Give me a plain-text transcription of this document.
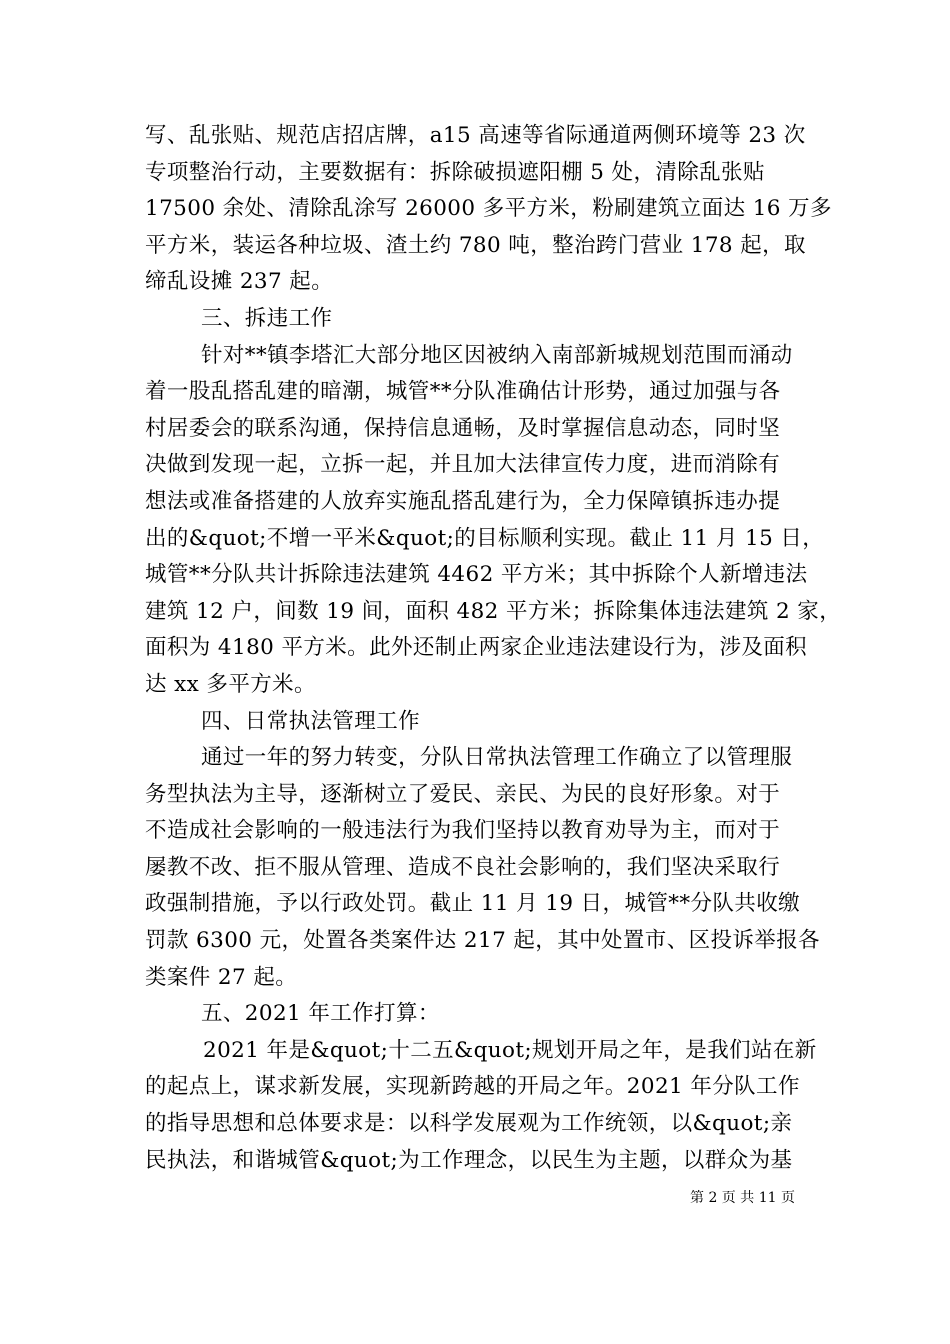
写、乱张贴、规范店招店牌，a15 高速等省际通道两侧环境等 23 次
专项整治行动，主要数据有：拆除破损遮阳棚 5 处，清除乱张贴
17500 余处、清除乱涂写 26000 多平方米，粉刷建筑立面达 16 万多
平方米，装运各种垃圾、渣土约 780 吨，整治跨门营业 178 起，取
缔乱设摊 237 起。

三、拆违工作

针对**镇李塔汇大部分地区因被纳入南部新城规划范围而涌动
着一股乱搭乱建的暗潮，城管**分队准确估计形势，通过加强与各
村居委会的联系沟通，保持信息通畅，及时掌握信息动态，同时坚
决做到发现一起，立拆一起，并且加大法律宣传力度，进而消除有
想法或准备搭建的人放弃实施乱搭乱建行为，全力保障镇拆违办提
出的&quot;不增一平米&quot;的目标顺利实现。截止 11 月 15 日，
城管**分队共计拆除违法建筑 4462 平方米；其中拆除个人新增违法
建筑 12 户，间数 19 间，面积 482 平方米；拆除集体违法建筑 2 家，
面积为 4180 平方米。此外还制止两家企业违法建设行为，涉及面积
达 xx 多平方米。

四、日常执法管理工作

通过一年的努力转变，分队日常执法管理工作确立了以管理服
务型执法为主导，逐渐树立了爱民、亲民、为民的良好形象。对于
不造成社会影响的一般违法行为我们坚持以教育劝导为主，而对于
屡教不改、拒不服从管理、造成不良社会影响的，我们坚决采取行
政强制措施，予以行政处罚。截止 11 月 19 日，城管**分队共收缴
罚款 6300 元，处置各类案件达 217 起，其中处置市、区投诉举报各
类案件 27 起。

五、2021 年工作打算：

2021 年是&quot;十二五&quot;规划开局之年，是我们站在新
的起点上，谋求新发展，实现新跨越的开局之年。2021 年分队工作
的指导思想和总体要求是：以科学发展观为工作统领，以&quot;亲
民执法，和谐城管&quot;为工作理念，以民生为主题，以群众为基

第 2 页 共 11 页
